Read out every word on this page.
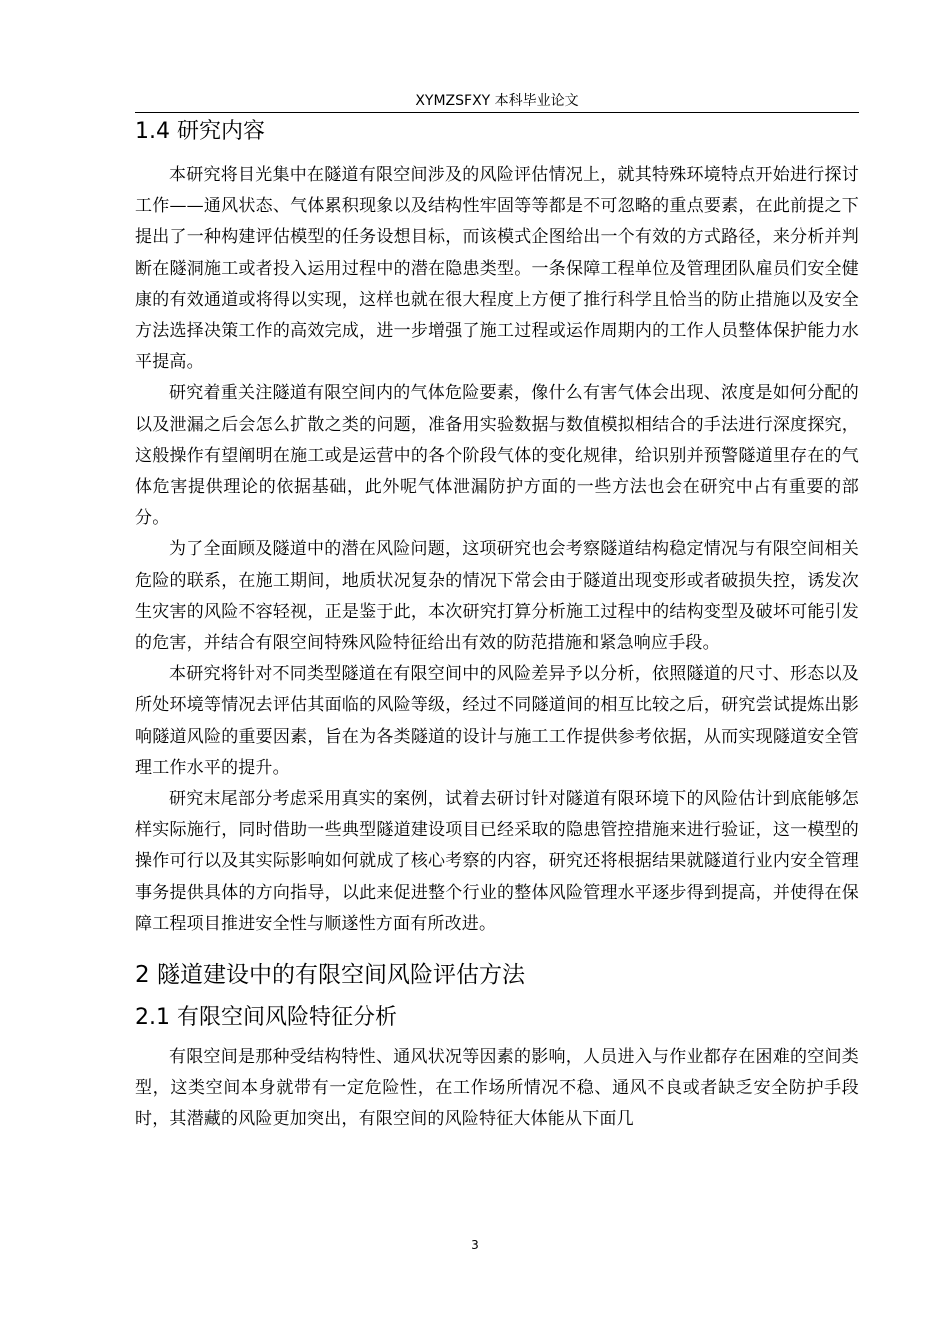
XYMZSFXY 本科毕业论文
1.4 研究内容

本研究将目光集中在隧道有限空间涉及的风险评估情况上，就其特殊环境特点开始进行探讨工作——通风状态、气体累积现象以及结构性牢固等等都是不可忽略的重点要素，在此前提之下提出了一种构建评估模型的任务设想目标，而该模式企图给出一个有效的方式路径，来分析并判断在隧洞施工或者投入运用过程中的潜在隐患类型。一条保障工程单位及管理团队雇员们安全健康的有效通道或将得以实现，这样也就在很大程度上方便了推行科学且恰当的防止措施以及安全方法选择决策工作的高效完成，进一步增强了施工过程或运作周期内的工作人员整体保护能力水平提高。

研究着重关注隧道有限空间内的气体危险要素，像什么有害气体会出现、浓度是如何分配的以及泄漏之后会怎么扩散之类的问题，准备用实验数据与数值模拟相结合的手法进行深度探究，这般操作有望阐明在施工或是运营中的各个阶段气体的变化规律，给识别并预警隧道里存在的气体危害提供理论的依据基础，此外呢气体泄漏防护方面的一些方法也会在研究中占有重要的部分。

为了全面顾及隧道中的潜在风险问题，这项研究也会考察隧道结构稳定情况与有限空间相关危险的联系，在施工期间，地质状况复杂的情况下常会由于隧道出现变形或者破损失控，诱发次生灾害的风险不容轻视，正是鉴于此，本次研究打算分析施工过程中的结构变型及破坏可能引发的危害，并结合有限空间特殊风险特征给出有效的防范措施和紧急响应手段。

本研究将针对不同类型隧道在有限空间中的风险差异予以分析，依照隧道的尺寸、形态以及所处环境等情况去评估其面临的风险等级，经过不同隧道间的相互比较之后，研究尝试提炼出影响隧道风险的重要因素，旨在为各类隧道的设计与施工工作提供参考依据，从而实现隧道安全管理工作水平的提升。

研究末尾部分考虑采用真实的案例，试着去研讨针对隧道有限环境下的风险估计到底能够怎样实际施行，同时借助一些典型隧道建设项目已经采取的隐患管控措施来进行验证，这一模型的操作可行以及其实际影响如何就成了核心考察的内容，研究还将根据结果就隧道行业内安全管理事务提供具体的方向指导，以此来促进整个行业的整体风险管理水平逐步得到提高，并使得在保障工程项目推进安全性与顺遂性方面有所改进。

2 隧道建设中的有限空间风险评估方法
2.1 有限空间风险特征分析

有限空间是那种受结构特性、通风状况等因素的影响，人员进入与作业都存在困难的空间类型，这类空间本身就带有一定危险性，在工作场所情况不稳、通风不良或者缺乏安全防护手段时，其潜藏的风险更加突出，有限空间的风险特征大体能从下面几

3
